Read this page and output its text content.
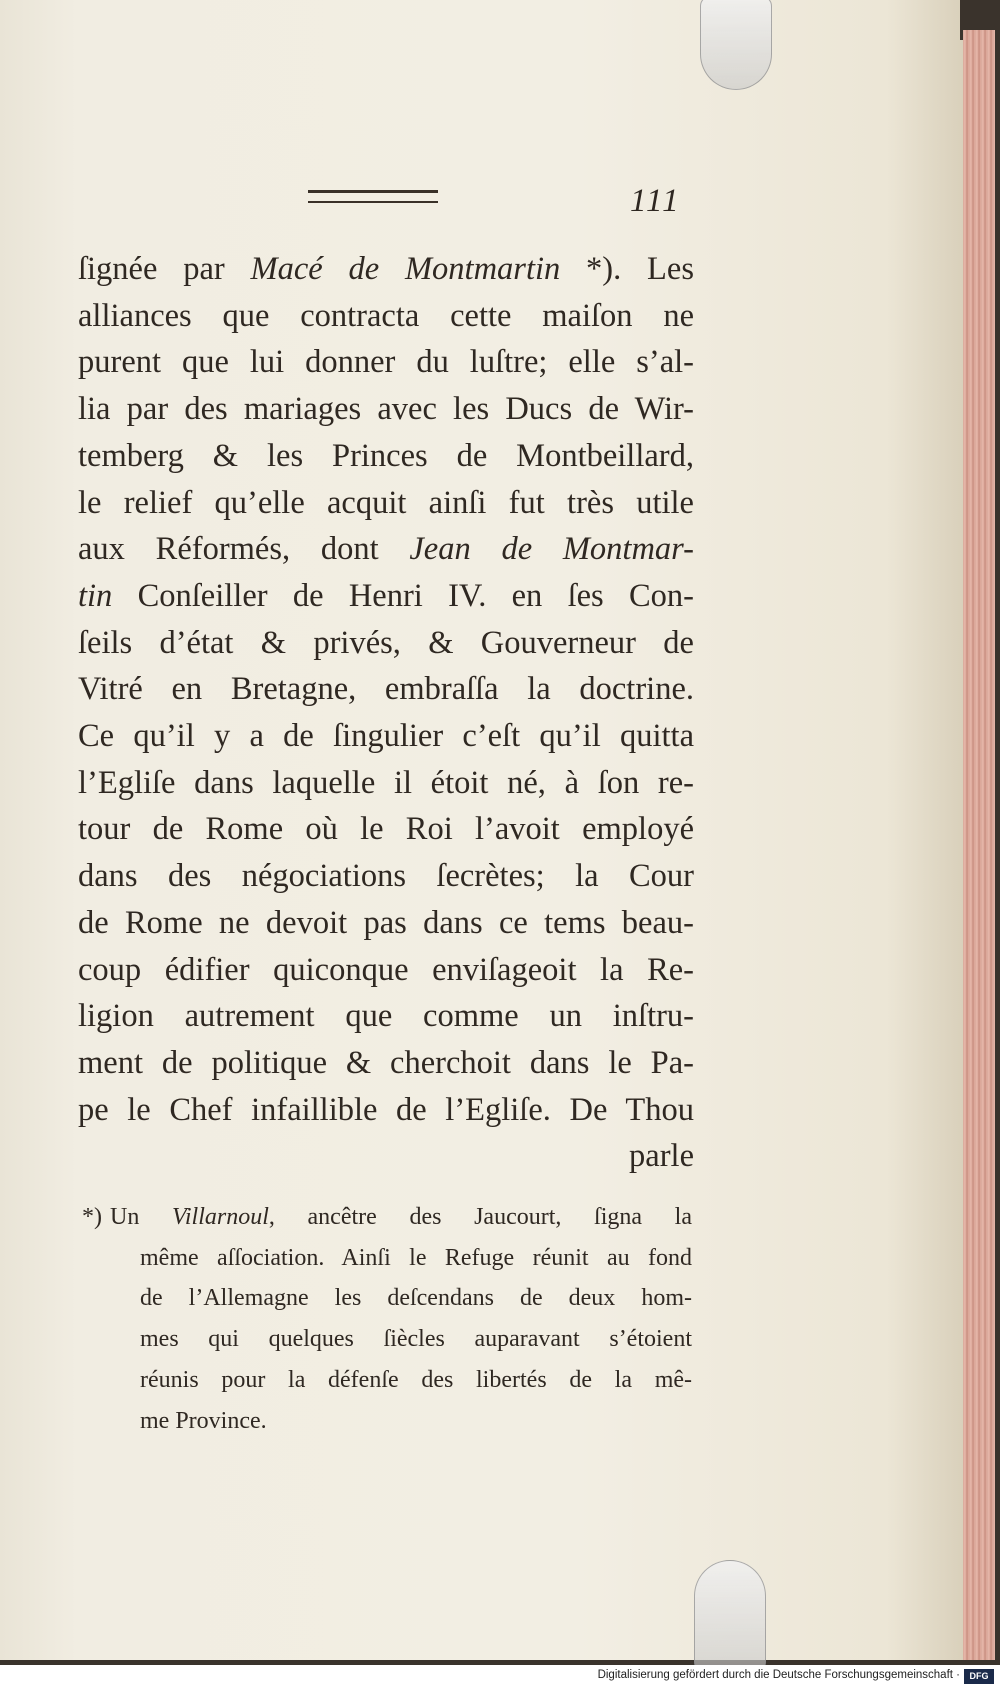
111
ſignée par Macé de Montmartin *). Les
alliances que contracta cette maiſon ne
purent que lui donner du luſtre; elle s’al-
lia par des mariages avec les Ducs de Wir-
temberg & les Princes de Montbeillard,
le relief qu’elle acquit ainſi fut très utile
aux Réformés, dont Jean de Montmar-
tin Conſeiller de Henri IV. en ſes Con-
ſeils d’état & privés, & Gouverneur de
Vitré en Bretagne, embraſſa la doctrine.
Ce qu’il y a de ſingulier c’eſt qu’il quitta
l’Egliſe dans laquelle il étoit né, à ſon re-
tour de Rome où le Roi l’avoit employé
dans des négociations ſecrètes; la Cour
de Rome ne devoit pas dans ce tems beau-
coup édifier quiconque enviſageoit la Re-
ligion autrement que comme un inſtru-
ment de politique & cherchoit dans le Pa-
pe le Chef infaillible de l’Egliſe. De Thou
parle
*) Un Villarnoul, ancêtre des Jaucourt, ſigna la
même aſſociation. Ainſi le Refuge réunit au fond
de l’Allemagne les deſcendans de deux hom-
mes qui quelques ſiècles auparavant s’étoient
réunis pour la défenſe des libertés de la mê-
me Province.
Digitalisierung gefördert durch die Deutsche Forschungsgemeinschaft ·	DFG
